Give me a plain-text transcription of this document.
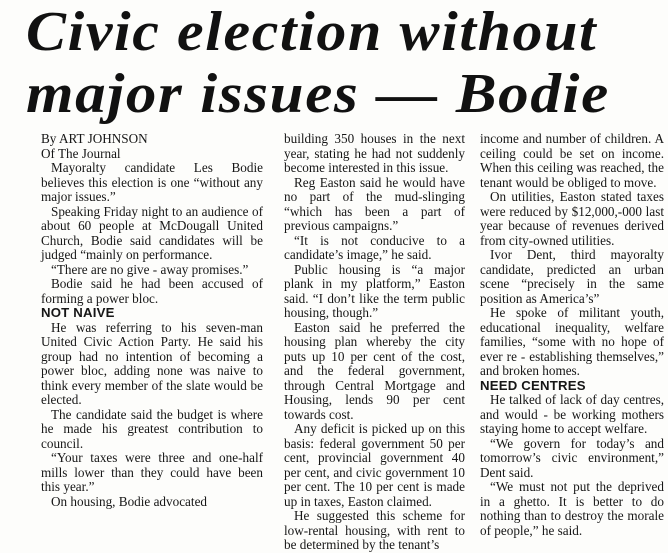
Civic election without
major issues — Bodie

By ART JOHNSON

Of The Journal

Mayoralty candidate Les Bodie believes this election is one “without any major issues.”

Speaking Friday night to an audience of about 60 people at McDougall United Church, Bodie said candidates will be judged “mainly on performance.

“There are no give - away promises.”

Bodie said he had been accused of forming a power bloc.

NOT NAIVE

He was referring to his seven-man United Civic Action Party. He said his group had no intention of becoming a power bloc, adding none was naive to think every member of the slate would be elected.

The candidate said the budget is where he made his greatest contribution to council.

“Your taxes were three and one-half mills lower than they could have been this year.”

On housing, Bodie advocated

building 350 houses in the next year, stating he had not suddenly become interested in this issue.

Reg Easton said he would have no part of the mud-slinging “which has been a part of previous campaigns.”

“It is not conducive to a candidate’s image,” he said.

Public housing is “a major plank in my platform,” Easton said. “I don’t like the term public housing, though.”

Easton said he preferred the housing plan whereby the city puts up 10 per cent of the cost, and the federal government, through Central Mortgage and Housing, lends 90 per cent towards cost.

Any deficit is picked up on this basis: federal government 50 per cent, provincial government 40 per cent, and civic government 10 per cent. The 10 per cent is made up in taxes, Easton claimed.

He suggested this scheme for low-rental housing, with rent to be determined by the tenant’s

income and number of children. A ceiling could be set on income. When this ceiling was reached, the tenant would be obliged to move.

On utilities, Easton stated taxes were reduced by $12,000,-000 last year because of revenues derived from city-owned utilities.

Ivor Dent, third mayoralty candidate, predicted an urban scene “precisely in the same position as America’s”

He spoke of militant youth, educational inequality, welfare families, “some with no hope of ever re - establishing themselves,” and broken homes.

NEED CENTRES

He talked of lack of day centres, and would - be working mothers staying home to accept welfare.

“We govern for today’s and tomorrow’s civic environment,” Dent said.

“We must not put the deprived in a ghetto. It is better to do nothing than to destroy the morale of people,” he said.
